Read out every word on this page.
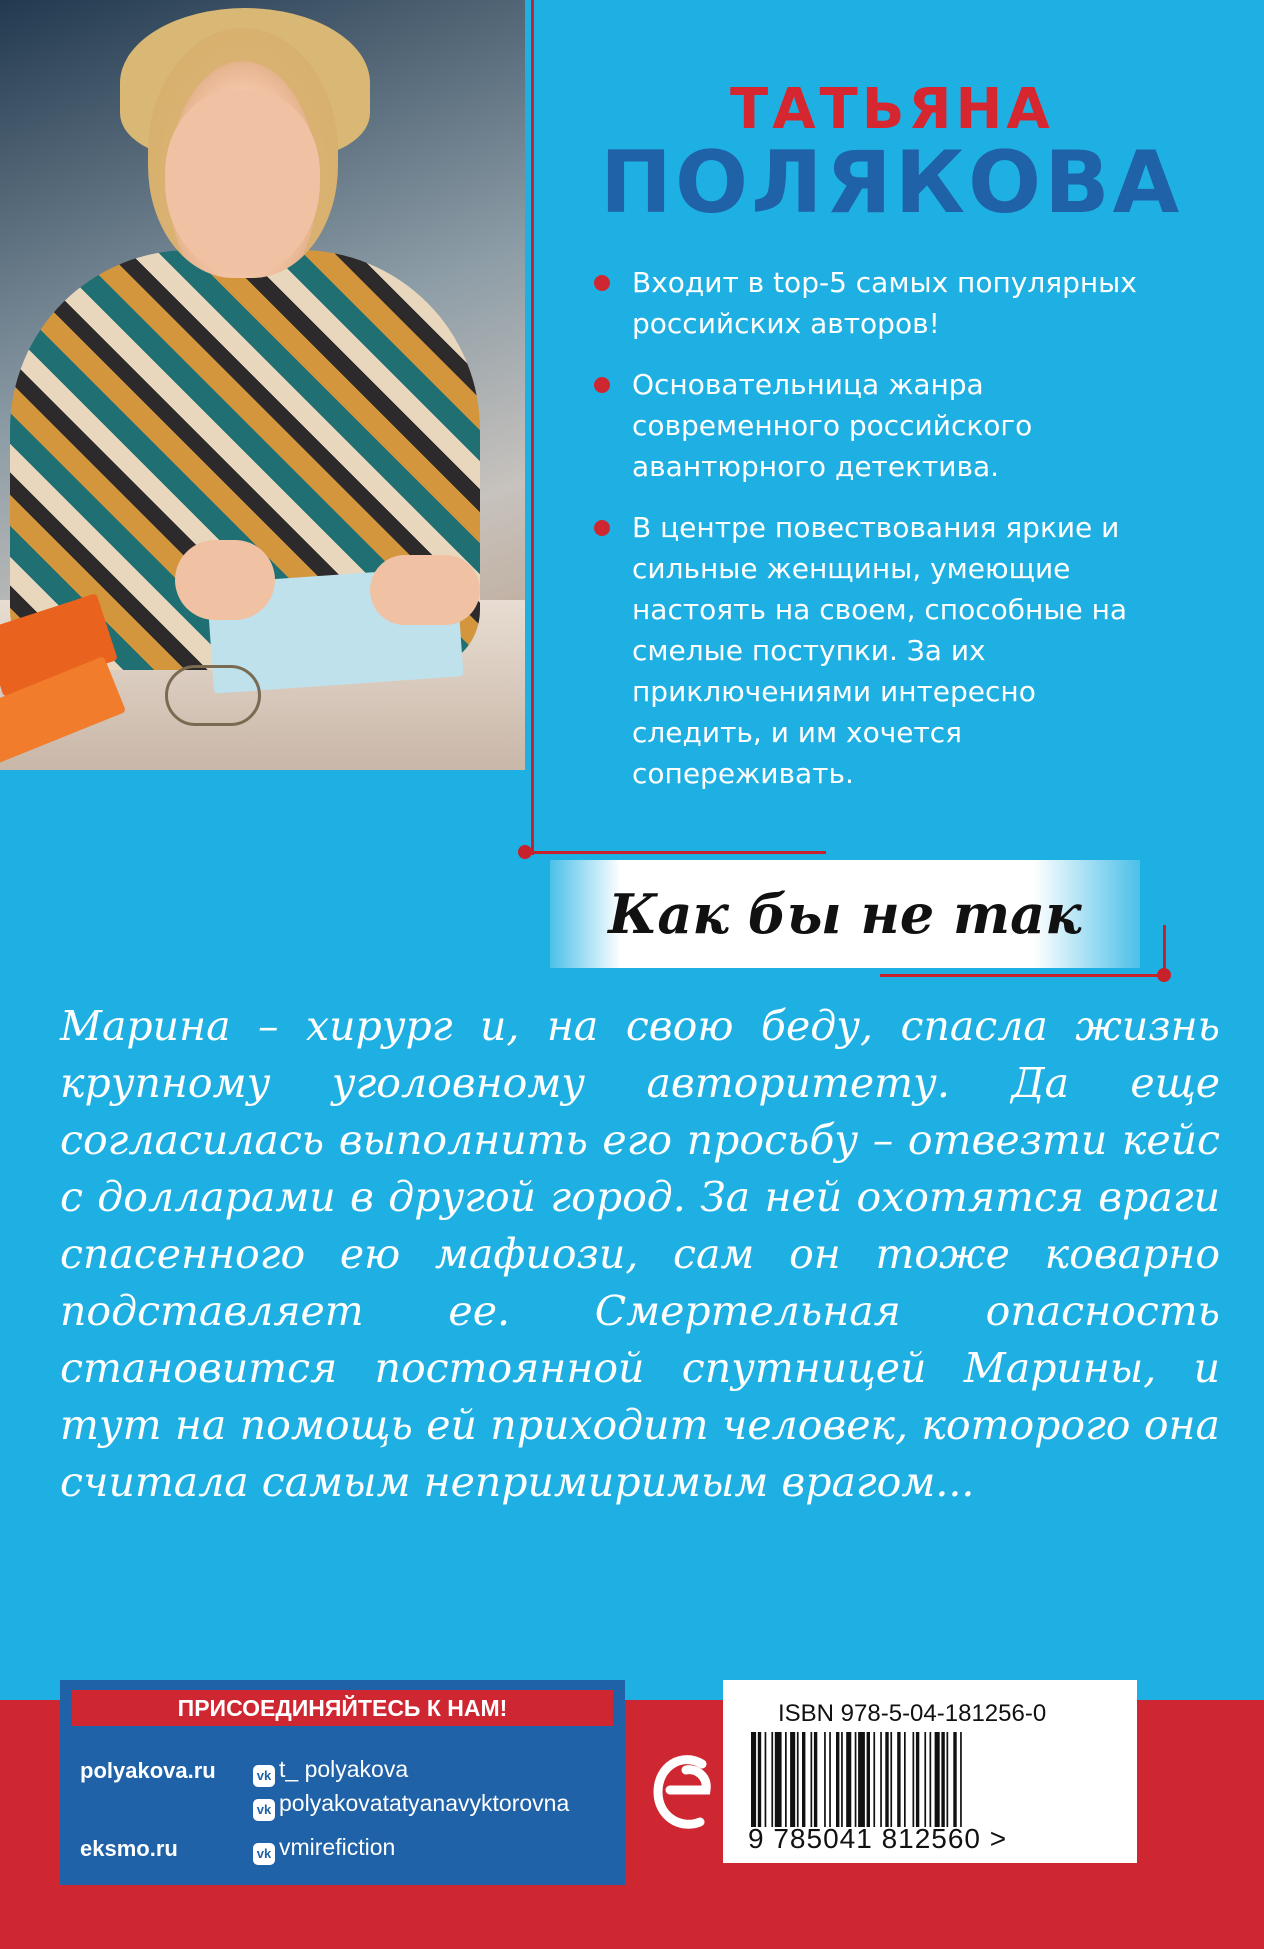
ТАТЬЯНА
ПОЛЯКОВА
Входит в top-5 самых популярных российских авторов!
Основательница жанра современного российского авантюрного детектива.
В центре повествования яркие и сильные женщины, умеющие настоять на своем, способные на смелые поступки. За их приключениями интересно следить, и им хочется сопереживать.
Как бы не так
Марина – хирург и, на свою беду, спасла жизнь крупному уголовному авторитету. Да еще согласилась выполнить его просьбу – отвезти кейс с долларами в другой город. За ней охотятся враги спасенного ею мафиози, сам он тоже коварно подставляет ее. Смертельная опасность становится постоянной спутницей Марины, и тут на помощь ей приходит человек, которого она считала самым непримиримым врагом...
ПРИСОЕДИНЯЙТЕСЬ К НАМ!
polyakova.ru	vk t_ polyakova
vk polyakovatatyanavyktorovna
eksmo.ru	vk vmirefiction
ISBN 978-5-04-181256-0
9 785041 812560 >
